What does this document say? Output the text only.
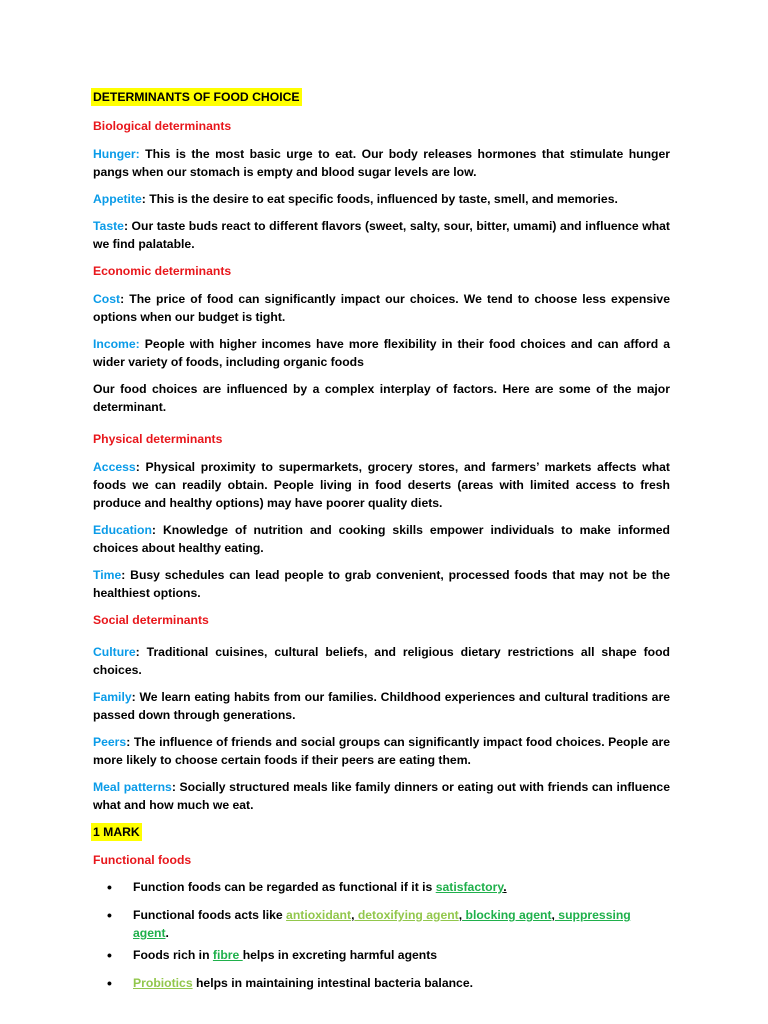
DETERMINANTS OF FOOD CHOICE
Biological determinants

Hunger: This is the most basic urge to eat. Our body releases hormones that stimulate hunger pangs when our stomach is empty and blood sugar levels are low.

Appetite: This is the desire to eat specific foods, influenced by taste, smell, and memories.

Taste: Our taste buds react to different flavors (sweet, salty, sour, bitter, umami) and influence what we find palatable.

Economic determinants

Cost: The price of food can significantly impact our choices. We tend to choose less expensive options when our budget is tight.

Income: People with higher incomes have more flexibility in their food choices and can afford a wider variety of foods, including organic foods

Our food choices are influenced by a complex interplay of factors. Here are some of the major determinant.

Physical determinants

Access: Physical proximity to supermarkets, grocery stores, and farmers’ markets affects what foods we can readily obtain. People living in food deserts (areas with limited access to fresh produce and healthy options) may have poorer quality diets.

Education: Knowledge of nutrition and cooking skills empower individuals to make informed choices about healthy eating.

Time: Busy schedules can lead people to grab convenient, processed foods that may not be the healthiest options.

Social determinants

Culture: Traditional cuisines, cultural beliefs, and religious dietary restrictions all shape food choices.

Family: We learn eating habits from our families. Childhood experiences and cultural traditions are passed down through generations.

Peers: The influence of friends and social groups can significantly impact food choices. People are more likely to choose certain foods if their peers are eating them.

Meal patterns: Socially structured meals like family dinners or eating out with friends can influence what and how much we eat.

1 MARK
Functional foods
• Function foods can be regarded as functional if it is satisfactory.
• Functional foods acts like antioxidant, detoxifying agent, blocking agent, suppressing agent.
• Foods rich in fibre helps in excreting harmful agents
• Probiotics helps in maintaining intestinal bacteria balance.
